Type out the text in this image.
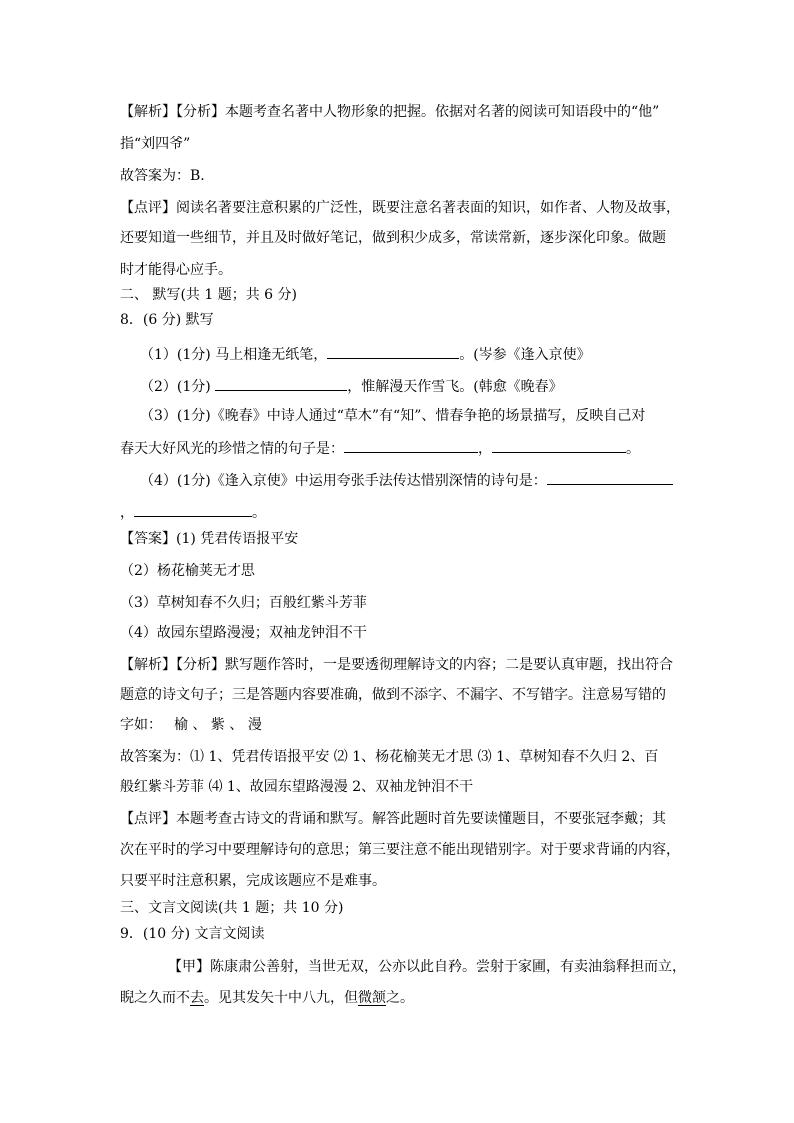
【解析】【分析】本题考查名著中人物形象的把握。依据对名著的阅读可知语段中的“他”
指“刘四爷”
故答案为：B.
【点评】阅读名著要注意积累的广泛性，既要注意名著表面的知识，如作者、人物及故事，
还要知道一些细节，并且及时做好笔记，做到积少成多，常读常新，逐步深化印象。做题
时才能得心应手。
二、 默写(共 1 题；共 6 分)
8．(6 分) 默写
（1）(1分) 马上相逢无纸笔，	。(岑参《逢入京使》
（2）(1分)	，惟解漫天作雪飞。(韩愈《晚春》
（3）(1分)《晚春》中诗人通过“草木”有“知”、惜春争艳的场景描写，反映自己对
春天大好风光的珍惜之情的句子是：	，	。
（4）(1分)《逢入京使》中运用夸张手法传达惜别深情的诗句是：
，	。
【答案】(1) 凭君传语报平安
（2）杨花榆荚无才思
（3）草树知春不久归；百般红紫斗芳菲
（4）故园东望路漫漫；双袖龙钟泪不干
【解析】【分析】默写题作答时，一是要透彻理解诗文的内容；二是要认真审题，找出符合
题意的诗文句子；三是答题内容要准确，做到不添字、不漏字、不写错字。注意易写错的
字如： 榆 、 紫 、 漫
故答案为：⑴ 1、凭君传语报平安 ⑵ 1、杨花榆荚无才思 ⑶ 1、草树知春不久归 2、百
般红紫斗芳菲 ⑷ 1、故园东望路漫漫 2、双袖龙钟泪不干
【点评】本题考查古诗文的背诵和默写。解答此题时首先要读懂题目，不要张冠李戴；其
次在平时的学习中要理解诗句的意思；第三要注意不能出现错别字。对于要求背诵的内容，
只要平时注意积累，完成该题应不是难事。
三、文言文阅读(共 1 题；共 10 分)
9．(10 分) 文言文阅读
【甲】陈康肃公善射，当世无双，公亦以此自矜。尝射于家圃，有卖油翁释担而立，
睨之久而不去。见其发矢十中八九，但微颔之。
